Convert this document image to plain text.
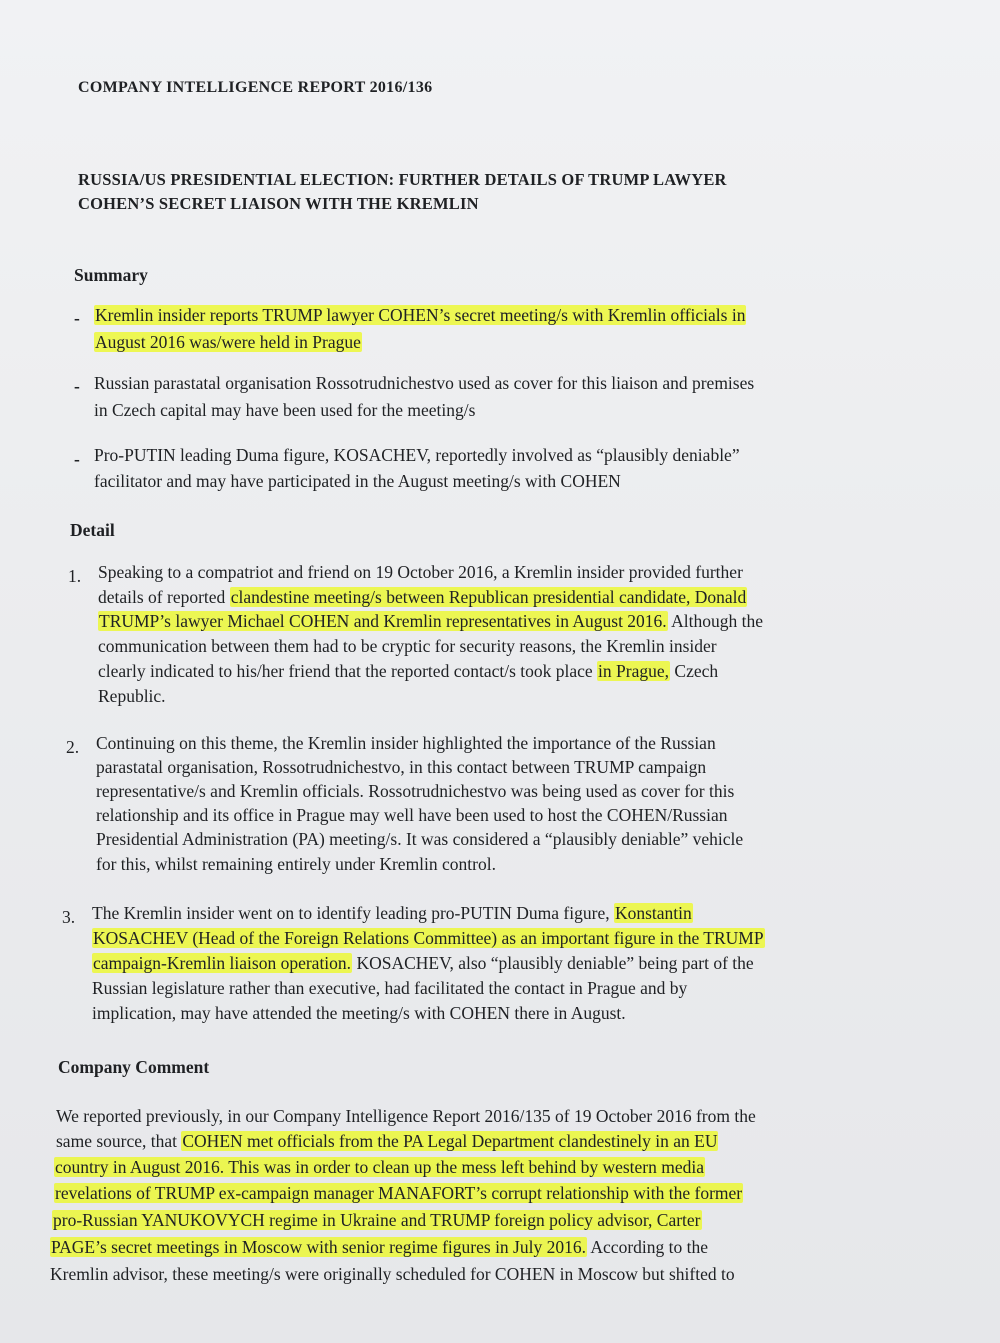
COMPANY INTELLIGENCE REPORT 2016/136
RUSSIA/US PRESIDENTIAL ELECTION: FURTHER DETAILS OF TRUMP LAWYER
COHEN’S SECRET LIAISON WITH THE KREMLIN
Summary
- Kremlin insider reports TRUMP lawyer COHEN’s secret meeting/s with Kremlin officials in
August 2016 was/were held in Prague
- Russian parastatal organisation Rossotrudnichestvo used as cover for this liaison and premises
in Czech capital may have been used for the meeting/s
- Pro-PUTIN leading Duma figure, KOSACHEV, reportedly involved as “plausibly deniable”
facilitator and may have participated in the August meeting/s with COHEN
Detail
1. Speaking to a compatriot and friend on 19 October 2016, a Kremlin insider provided further
details of reported clandestine meeting/s between Republican presidential candidate, Donald
TRUMP’s lawyer Michael COHEN and Kremlin representatives in August 2016. Although the
communication between them had to be cryptic for security reasons, the Kremlin insider
clearly indicated to his/her friend that the reported contact/s took place in Prague, Czech
Republic.
2. Continuing on this theme, the Kremlin insider highlighted the importance of the Russian
parastatal organisation, Rossotrudnichestvo, in this contact between TRUMP campaign
representative/s and Kremlin officials. Rossotrudnichestvo was being used as cover for this
relationship and its office in Prague may well have been used to host the COHEN/Russian
Presidential Administration (PA) meeting/s. It was considered a “plausibly deniable” vehicle
for this, whilst remaining entirely under Kremlin control.
3. The Kremlin insider went on to identify leading pro-PUTIN Duma figure, Konstantin
KOSACHEV (Head of the Foreign Relations Committee) as an important figure in the TRUMP
campaign-Kremlin liaison operation. KOSACHEV, also “plausibly deniable” being part of the
Russian legislature rather than executive, had facilitated the contact in Prague and by
implication, may have attended the meeting/s with COHEN there in August.
Company Comment
We reported previously, in our Company Intelligence Report 2016/135 of 19 October 2016 from the
same source, that COHEN met officials from the PA Legal Department clandestinely in an EU
country in August 2016. This was in order to clean up the mess left behind by western media
revelations of TRUMP ex-campaign manager MANAFORT’s corrupt relationship with the former
pro-Russian YANUKOVYCH regime in Ukraine and TRUMP foreign policy advisor, Carter
PAGE’s secret meetings in Moscow with senior regime figures in July 2016. According to the
Kremlin advisor, these meeting/s were originally scheduled for COHEN in Moscow but shifted to
